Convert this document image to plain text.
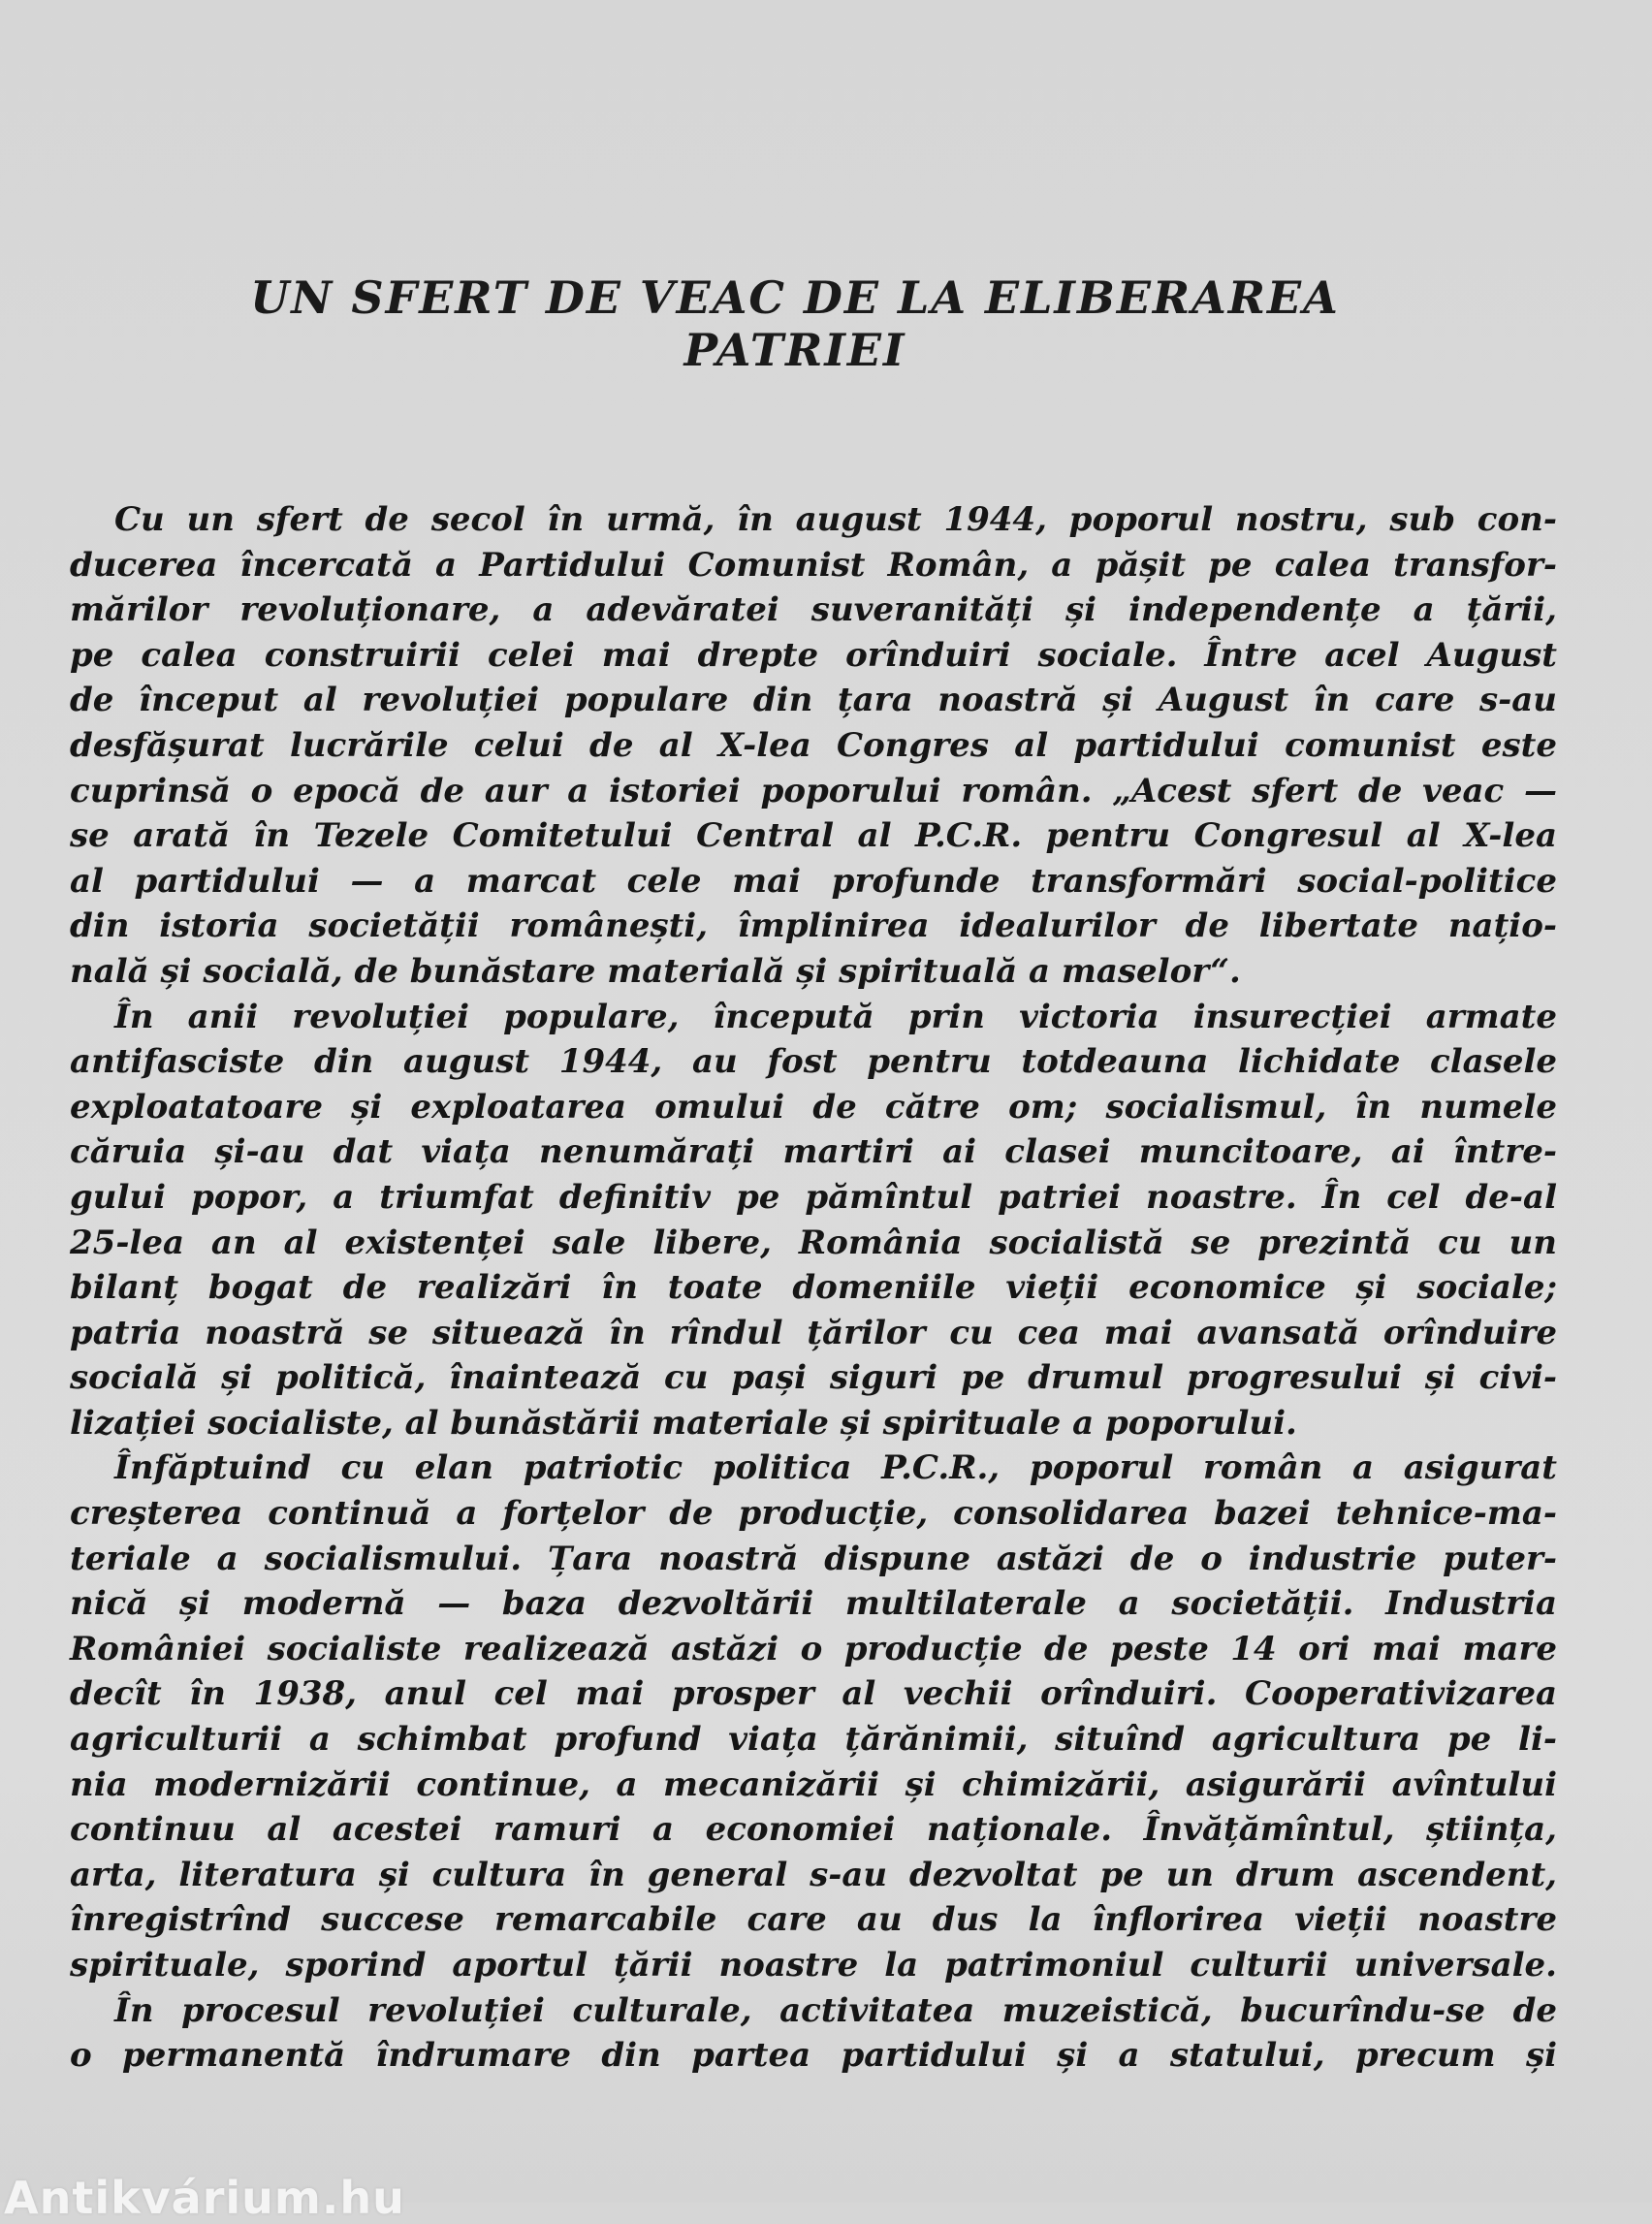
UN SFERT DE VEAC DE LA ELIBERAREA PATRIEI
Cu un sfert de secol în urmă, în august 1944, poporul nostru, sub con-
ducerea încercată a Partidului Comunist Român, a pășit pe calea transfor-
mărilor revoluționare, a adevăratei suveranități și independențe a țării,
pe calea construirii celei mai drepte orînduiri sociale. Între acel August
de început al revoluției populare din țara noastră și August în care s-au
desfășurat lucrările celui de al X-lea Congres al partidului comunist este
cuprinsă o epocă de aur a istoriei poporului român. „Acest sfert de veac —
se arată în Tezele Comitetului Central al P.C.R. pentru Congresul al X-lea
al partidului — a marcat cele mai profunde transformări social-politice
din istoria societății românești, împlinirea idealurilor de libertate națio-
nală și socială, de bunăstare materială și spirituală a maselor“.
În anii revoluției populare, începută prin victoria insurecției armate
antifasciste din august 1944, au fost pentru totdeauna lichidate clasele
exploatatoare și exploatarea omului de către om; socialismul, în numele
căruia și-au dat viața nenumărați martiri ai clasei muncitoare, ai între-
gului popor, a triumfat definitiv pe pămîntul patriei noastre. În cel de-al
25-lea an al existenței sale libere, România socialistă se prezintă cu un
bilanț bogat de realizări în toate domeniile vieții economice și sociale;
patria noastră se situează în rîndul țărilor cu cea mai avansată orînduire
socială și politică, înaintează cu pași siguri pe drumul progresului și civi-
lizației socialiste, al bunăstării materiale și spirituale a poporului.
Înfăptuind cu elan patriotic politica P.C.R., poporul român a asigurat
creșterea continuă a forțelor de producție, consolidarea bazei tehnice-ma-
teriale a socialismului. Țara noastră dispune astăzi de o industrie puter-
nică și modernă — baza dezvoltării multilaterale a societății. Industria
României socialiste realizează astăzi o producție de peste 14 ori mai mare
decît în 1938, anul cel mai prosper al vechii orînduiri. Cooperativizarea
agriculturii a schimbat profund viața țărănimii, situînd agricultura pe li-
nia modernizării continue, a mecanizării și chimizării, asigurării avîntului
continuu al acestei ramuri a economiei naționale. Învățămîntul, știința,
arta, literatura și cultura în general s-au dezvoltat pe un drum ascendent,
înregistrînd succese remarcabile care au dus la înflorirea vieții noastre
spirituale, sporind aportul țării noastre la patrimoniul culturii universale.
În procesul revoluției culturale, activitatea muzeistică, bucurîndu-se de
o permanentă îndrumare din partea partidului și a statului, precum și
Antikvárium.hu
